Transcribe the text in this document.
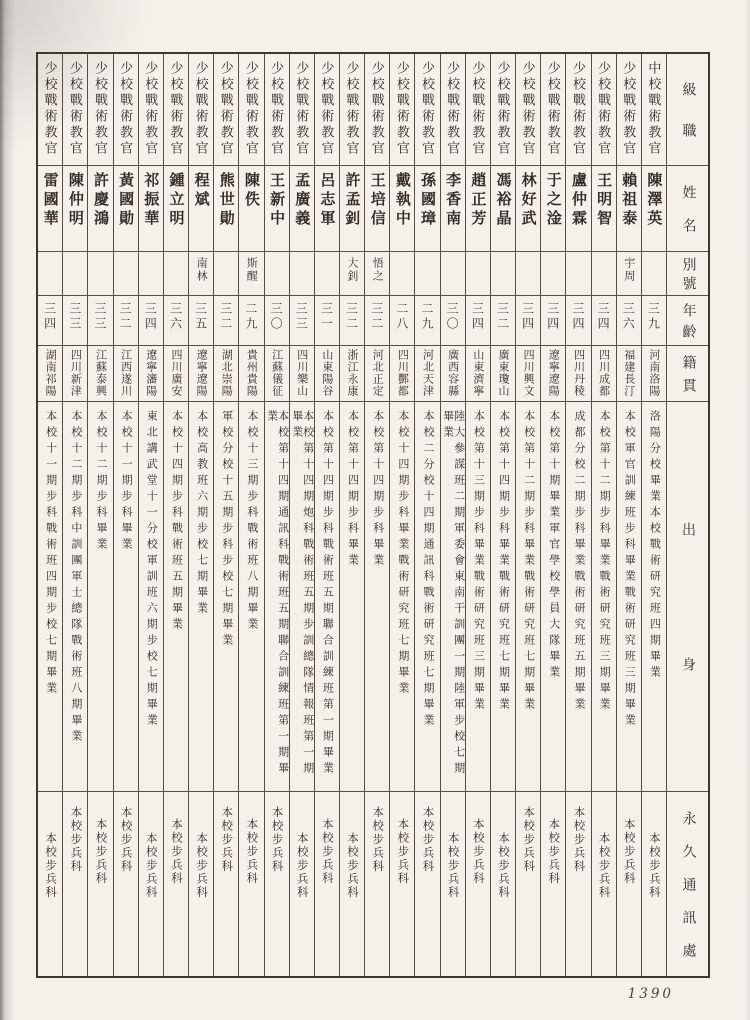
級
職
姓
名
別
號
年
齡
籍
貫
出
身
永
久
通
訊
處
中校戰術教官
陳澤英
三九
河南洛陽
洛陽分校畢業本校戰術研究班四期畢業
本校步兵科
少校戰術教官
賴祖泰
宇周
三六
福建長汀
本校軍官訓練班步科畢業戰術研究班三期畢業
本校步兵科
少校戰術教官
王明智
三四
四川成都
本校第十二期步科畢業戰術研究班三期畢業
本校步兵科
少校戰術教官
盧仲霖
三四
四川丹稜
成都分校二期步科畢業戰術研究班五期畢業
本校步兵科
少校戰術教官
于之淦
三四
遼寧遼陽
本校第十期畢業軍官學校學員大隊畢業
本校步兵科
少校戰術教官
林好武
三四
四川興文
本校第十二期步科畢業戰術研究班七期畢業
本校步兵科
少校戰術教官
馮裕晶
三二
廣東瓊山
本校第十四期步科畢業戰術研究班七期畢業
本校步兵科
少校戰術教官
趙正芳
三四
山東濟寧
本校第十三期步科畢業戰術研究班三期畢業
本校步兵科
少校戰術教官
李香南
三〇
廣西容縣
陸大參謀班二期軍委會東南干訓團一期陸軍步校七期畢業
本校步兵科
少校戰術教官
孫國璋
二九
河北天津
本校二分校十四期通訊科戰術研究班七期畢業
本校步兵科
少校戰術教官
戴執中
二八
四川酆都
本校十四期步科畢業戰術研究班七期畢業
本校步兵科
少校戰術教官
王培信
悟之
三二
河北正定
本校第十四期步科畢業
本校步兵科
少校戰術教官
許孟釗
大釗
三二
浙江永康
本校第十四期步科畢業
本校步兵科
少校戰術教官
呂志軍
三一
山東陽谷
本校第十四期步科戰術班五期聯合訓練班第一期畢業
本校步兵科
少校戰術教官
孟廣義
三三
四川樂山
本校第十四期炮科戰術班五期步訓總隊情報班第一期畢業
本校步兵科
少校戰術教官
王新中
三〇
江蘇儀征
本校第十四期通訊科戰術班五期聯合訓練班第一期畢業
本校步兵科
少校戰術教官
陳佚
斯醒
二九
貴州貴陽
本校十三期步科戰術班八期畢業
本校步兵科
少校戰術教官
熊世勛
三二
湖北崇陽
軍校分校十五期步科步校七期畢業
本校步兵科
少校戰術教官
程斌
南林
三五
遼寧遼陽
本校高教班六期步校七期畢業
本校步兵科
少校戰術教官
鍾立明
三六
四川廣安
本校十四期步科戰術班五期畢業
本校步兵科
少校戰術教官
祁振華
三四
遼寧瀋陽
東北講武堂十一分校軍訓班六期步校七期畢業
本校步兵科
少校戰術教官
黃國勛
三二
江西遂川
本校十一期步科畢業
本校步兵科
少校戰術教官
許慶鴻
三三
江蘇泰興
本校十二期步科畢業
本校步兵科
少校戰術教官
陳仲明
三三
四川新津
本校十二期步科中訓團軍士總隊戰術班八期畢業
本校步兵科
少校戰術教官
雷國華
三四
湖南祁陽
本校十一期步科戰術班四期步校七期畢業
本校步兵科
1390
